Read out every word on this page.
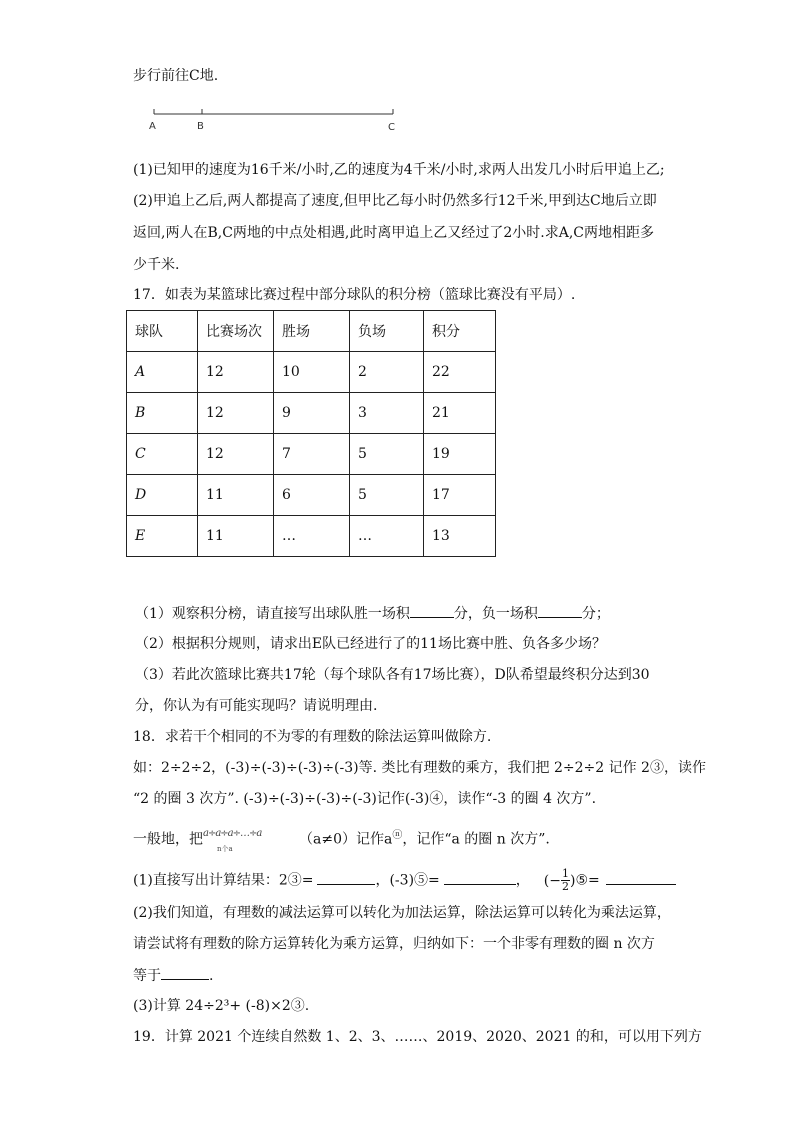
步行前往C地.
A	B	C
(1)已知甲的速度为16千米/小时,乙的速度为4千米/小时,求两人出发几小时后甲追上乙;
(2)甲追上乙后,两人都提高了速度,但甲比乙每小时仍然多行12千米,甲到达C地后立即
返回,两人在B,C两地的中点处相遇,此时离甲追上乙又经过了2小时.求A,C两地相距多
少千米.
17．如表为某篮球比赛过程中部分球队的积分榜（篮球比赛没有平局）.
球队	比赛场次	胜场	负场	积分
A	12	10	2	22
B	12	9	3	21
C	12	7	5	19
D	11	6	5	17
E	11	…	…	13
（1）观察积分榜，请直接写出球队胜一场积	分，负一场积	分；
（2）根据积分规则，请求出E队已经进行了的11场比赛中胜、负各多少场？
（3）若此次篮球比赛共17轮（每个球队各有17场比赛），D队希望最终积分达到30
分，你认为有可能实现吗？请说明理由.
18．求若干个相同的不为零的有理数的除法运算叫做除方.
如：2÷2÷2，(-3)÷(-3)÷(-3)÷(-3)等. 类比有理数的乘方，我们把 2÷2÷2 记作 2③，读作
“2 的圈 3 次方”. (-3)÷(-3)÷(-3)÷(-3)记作(-3)④，读作“-3 的圈 4 次方”.
一般地，把 a÷a÷a÷…÷a
n个a
（a≠0）记作aⓝ，记作“a 的圈 n 次方”.
(1)直接写出计算结果：2③=	，(-3)⑤=	， (− $\frac{1}{2}$ )⑤=
(2)我们知道，有理数的减法运算可以转化为加法运算，除法运算可以转化为乘法运算，
请尝试将有理数的除方运算转化为乘方运算，归纳如下：一个非零有理数的圈 n 次方
等于	.
(3)计算 24÷2³+ (-8)×2③.
19．计算 2021 个连续自然数 1、2、3、……、2019、2020、2021 的和，可以用下列方
